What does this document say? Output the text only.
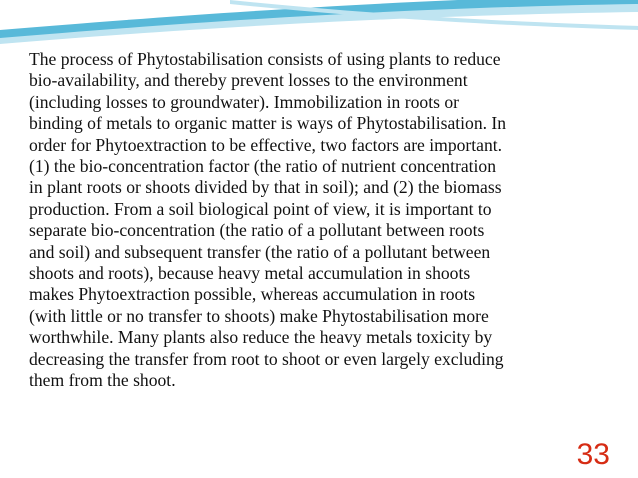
The process of Phytostabilisation consists of using plants to reduce
bio-availability, and thereby prevent losses to the environment
(including losses to groundwater). Immobilization in roots or
binding of metals to organic matter is ways of Phytostabilisation. In
order for Phytoextraction to be effective, two factors are important.
(1) the bio-concentration factor (the ratio of nutrient concentration
in plant roots or shoots divided by that in soil); and (2) the biomass
production. From a soil biological point of view, it is important to
separate bio-concentration (the ratio of a pollutant between roots
and soil) and subsequent transfer (the ratio of a pollutant between
shoots and roots), because heavy metal accumulation in shoots
makes Phytoextraction possible, whereas accumulation in roots
(with little or no transfer to shoots) make Phytostabilisation more
worthwhile. Many plants also reduce the heavy metals toxicity by
decreasing the transfer from root to shoot or even largely excluding
them from the shoot.

33
